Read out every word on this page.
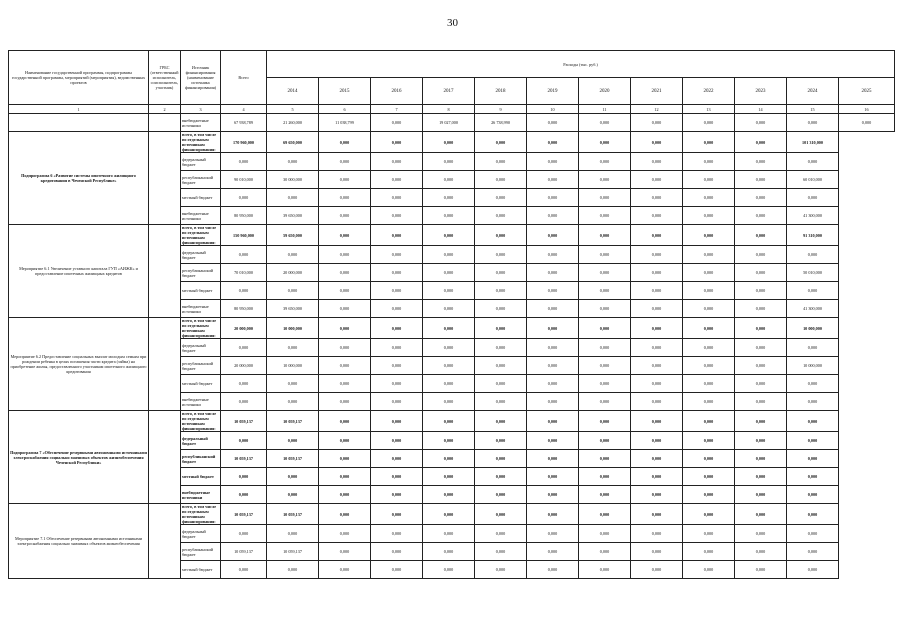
30
Наименование государственной программы, подпрограммы государственной программы, мероприятий (мероприятия), ведомственных проектов	ГРБС (ответственный исполнитель, соисполнитель, участник)	Источник финансирования (наименование источника финансирования)	Всего	Расходы (тыс. руб.)											
				2014	2015	2016	2017	2018	2019	2020	2021	2022	2023	2024	2025
1	2	3	4	5	6	7	8	9	10	11	12	13	14	15	16
		внебюджетные источники	67 938,789	21 260,000	11 038,799	0,000	19 027,000	26 738,990	0,000	0,000	0,000	0,000	0,000	0,000	0,000
Подпрограмма 6 «Развитие системы ипотечного жилищного кредитования в Чеченской Республике»		всего, в том числе по отдельным источникам финансирования:	170 960,000	69 650,000	0,000	0,000	0,000	0,000	0,000	0,000	0,000	0,000	0,000	101 310,000	
		федеральный бюджет	0,000	0,000	0,000	0,000	0,000	0,000	0,000	0,000	0,000	0,000	0,000	0,000	
		республиканский бюджет	90 010,000	30 000,000	0,000	0,000	0,000	0,000	0,000	0,000	0,000	0,000	0,000	60 010,000	
		местный бюджет	0,000	0,000	0,000	0,000	0,000	0,000	0,000	0,000	0,000	0,000	0,000	0,000	
		внебюджетные источники	80 950,000	39 650,000	0,000	0,000	0,000	0,000	0,000	0,000	0,000	0,000	0,000	41 300,000	
Мероприятие 6.1 Увеличение уставного капитала ГУП «АИЖК» и предоставление ипотечных жилищных кредитов		всего, в том числе по отдельным источникам финансирования:	150 960,000	59 650,000	0,000	0,000	0,000	0,000	0,000	0,000	0,000	0,000	0,000	91 310,000	
		федеральный бюджет	0,000	0,000	0,000	0,000	0,000	0,000	0,000	0,000	0,000	0,000	0,000	0,000	
		республиканский бюджет	70 010,000	20 000,000	0,000	0,000	0,000	0,000	0,000	0,000	0,000	0,000	0,000	50 010,000	
		местный бюджет	0,000	0,000	0,000	0,000	0,000	0,000	0,000	0,000	0,000	0,000	0,000	0,000	
		внебюджетные источники	80 950,000	39 650,000	0,000	0,000	0,000	0,000	0,000	0,000	0,000	0,000	0,000	41 300,000	
Мероприятие 6.2 Предоставление социальных выплат молодым семьям при рождении ребенка в целях погашения части кредита (займа) на приобретение жилья, предоставленного участникам ипотечного жилищного кредитования		всего, в том числе по отдельным источникам финансирования:	20 000,000	10 000,000	0,000	0,000	0,000	0,000	0,000	0,000	0,000	0,000	0,000	10 000,000	
		федеральный бюджет	0,000	0,000	0,000	0,000	0,000	0,000	0,000	0,000	0,000	0,000	0,000	0,000	
		республиканский бюджет	20 000,000	10 000,000	0,000	0,000	0,000	0,000	0,000	0,000	0,000	0,000	0,000	10 000,000	
		местный бюджет	0,000	0,000	0,000	0,000	0,000	0,000	0,000	0,000	0,000	0,000	0,000	0,000	
		внебюджетные источники	0,000	0,000	0,000	0,000	0,000	0,000	0,000	0,000	0,000	0,000	0,000	0,000	
Подпрограмма 7 «Обеспечение резервными автономными источниками электроснабжения социально значимых объектов жизнеобеспечения Чеченской Республики»		всего, в том числе по отдельным источникам финансирования:	10 059,137	10 059,137	0,000	0,000	0,000	0,000	0,000	0,000	0,000	0,000	0,000	0,000	
		федеральный бюджет	0,000	0,000	0,000	0,000	0,000	0,000	0,000	0,000	0,000	0,000	0,000	0,000	
		республиканский бюджет	10 059,137	10 059,137	0,000	0,000	0,000	0,000	0,000	0,000	0,000	0,000	0,000	0,000	
		местный бюджет	0,000	0,000	0,000	0,000	0,000	0,000	0,000	0,000	0,000	0,000	0,000	0,000	
		внебюджетные источники	0,000	0,000	0,000	0,000	0,000	0,000	0,000	0,000	0,000	0,000	0,000	0,000	
Мероприятие 7.1 Обеспечение резервными автономными источниками электроснабжения социально значимых объектов жизнеобеспечения		всего, в том числе по отдельным источникам финансирования:	10 059,137	10 059,137	0,000	0,000	0,000	0,000	0,000	0,000	0,000	0,000	0,000	0,000	
		федеральный бюджет	0,000	0,000	0,000	0,000	0,000	0,000	0,000	0,000	0,000	0,000	0,000	0,000	
		республиканский бюджет	10 059,137	10 059,137	0,000	0,000	0,000	0,000	0,000	0,000	0,000	0,000	0,000	0,000	
		местный бюджет	0,000	0,000	0,000	0,000	0,000	0,000	0,000	0,000	0,000	0,000	0,000	0,000	
